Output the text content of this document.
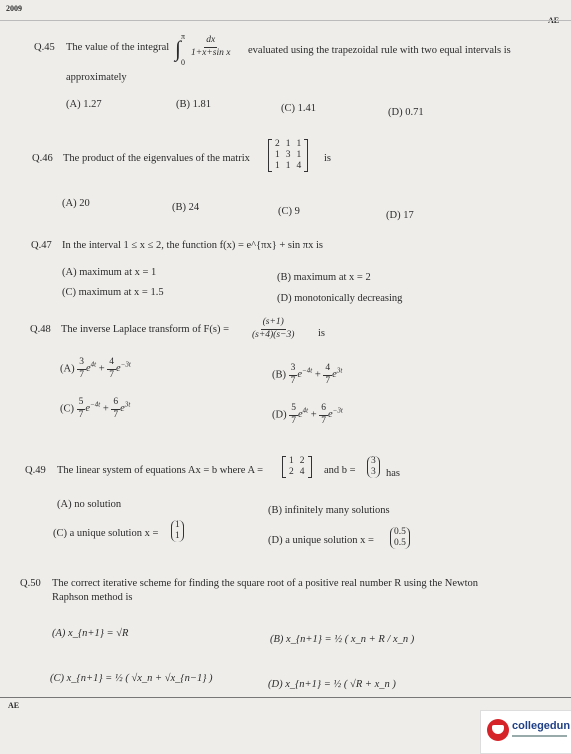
2009
Q.45 The value of the integral
π
∫
0
$\frac{dx}{\text{1+x+sin x}}$ evaluated using the trapezoidal rule with two equal intervals is
approximately
(A) 1.27	(B) 1.81	(C) 1.41	(D) 0.71
Q.46 The product of the eigenvalues of the matrix
2	1	1
1	3	1
1	1	4
is
(A) 20	(B) 24	(C) 9	(D) 17
Q.47 In the interval 1 ≤ x ≤ 2, the function f(x) = e^{πx} + sin πx is
(A) maximum at x = 1	(B) maximum at x = 2
(C) maximum at x = 1.5
(D) monotonically decreasing
Q.48 The inverse Laplace transform of $F(s) = \frac{(s+1)}{(s+4)(s-3)}$ is
$(A) \frac{3}{7} e^{4t} + \frac{4}{7} e^{-3t}$
$(B) \frac{3}{7} e^{-4t} + \frac{4}{7} e^{3t}$
$(C) \frac{5}{7} e^{-4t} + \frac{6}{7} e^{3t}$
$(D) \frac{5}{7} e^{4t} + \frac{6}{7} e^{-3t}$
Q.49 The linear system of equations Ax = b where A =
1	2
2	4 and b =
3
3 has
(A) no solution
(B) infinitely many solutions
(C) a unique solution x =
1
1	(D) a unique solution x =
0.5
0.5
Q.50 The correct iterative scheme for finding the square root of a positive real number R using the Newton
Raphson method is
(A) x_{n+1} = √R
(B) x_{n+1} = ½ ( x_n + R / x_n )
(C) x_{n+1} = ½ ( √x_n + √x_{n−1} )
(D) x_{n+1} = ½ ( √R + x_n )
AE
collegedun
